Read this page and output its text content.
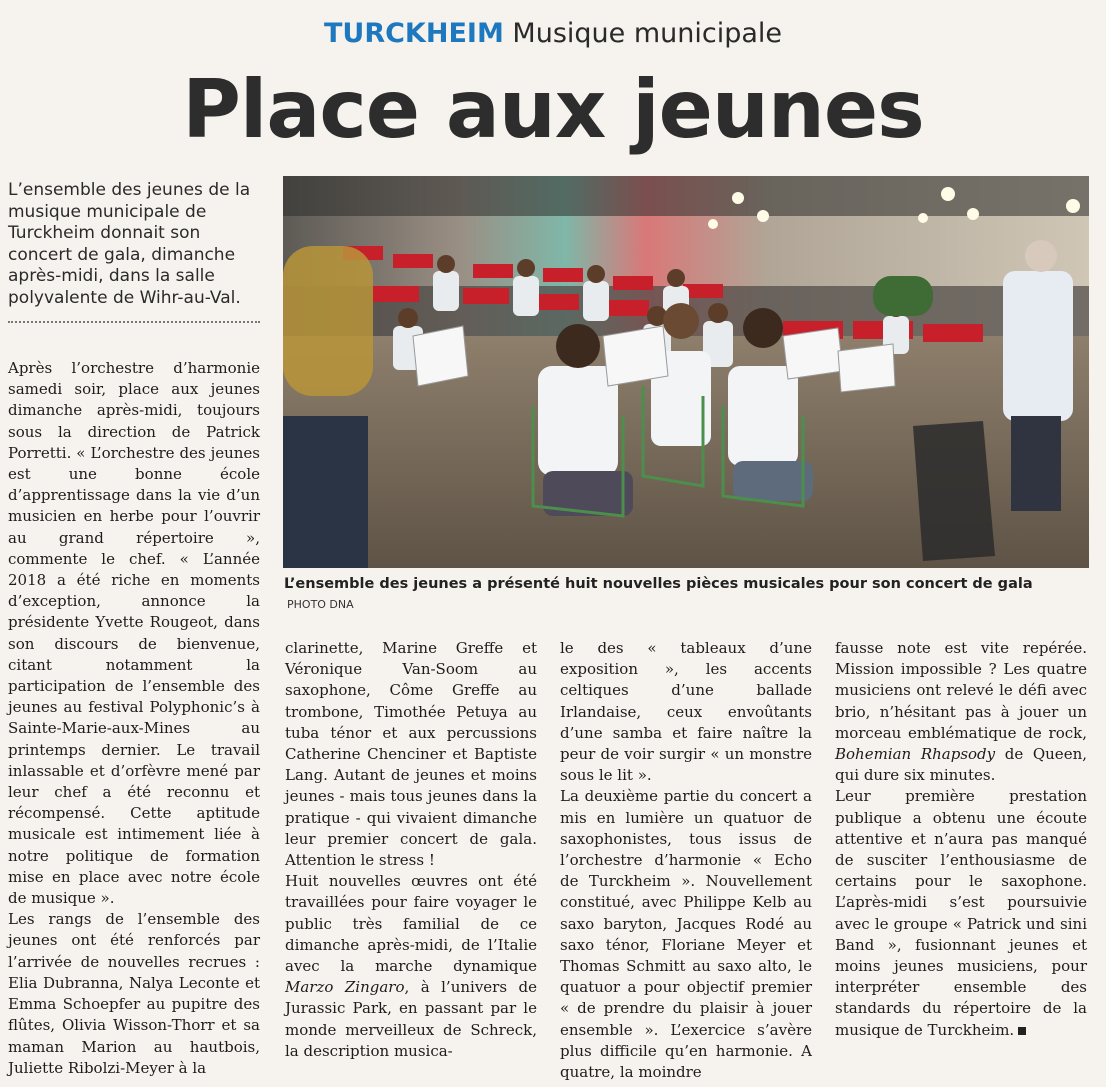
TURCKHEIM Musique municipale
Place aux jeunes
L’ensemble des jeunes de la musique municipale de Turckheim donnait son concert de gala, dimanche après-midi, dans la salle polyvalente de Wihr-au-Val.
L’ensemble des jeunes a présenté huit nouvelles pièces musicales pour son concert de gala
PHOTO DNA

Après l’orchestre d’harmonie samedi soir, place aux jeunes dimanche après-midi, toujours sous la direction de Patrick Porretti. « L’orchestre des jeunes est une bonne école d’apprentissage dans la vie d’un musicien en herbe pour l’ouvrir au grand répertoire », commente le chef. « L’année 2018 a été riche en moments d’exception, annonce la présidente Yvette Rougeot, dans son discours de bienvenue, citant notamment la participation de l’ensemble des jeunes au festival Polyphonic’s à Sainte-Marie-aux-Mines au printemps dernier. Le travail inlassable et d’orfèvre mené par leur chef a été reconnu et récompensé. Cette aptitude musicale est intimement liée à notre politique de formation mise en place avec notre école de musique ».

Les rangs de l’ensemble des jeunes ont été renforcés par l’arrivée de nouvelles recrues : Elia Dubranna, Nalya Leconte et Emma Schoepfer au pupitre des flûtes, Olivia Wisson-Thorr et sa maman Marion au hautbois, Juliette Ribolzi-Meyer à la

clarinette, Marine Greffe et Véronique Van-Soom au saxophone, Côme Greffe au trombone, Timothée Petuya au tuba ténor et aux percussions Catherine Chenciner et Baptiste Lang. Autant de jeunes et moins jeunes - mais tous jeunes dans la pratique - qui vivaient dimanche leur premier concert de gala. Attention le stress !

Huit nouvelles œuvres ont été travaillées pour faire voyager le public très familial de ce dimanche après-midi, de l’Italie avec la marche dynamique Marzo Zingaro, à l’univers de Jurassic Park, en passant par le monde merveilleux de Schreck, la description musica-

le des « tableaux d’une exposition », les accents celtiques d’une ballade Irlandaise, ceux envoûtants d’une samba et faire naître la peur de voir surgir « un monstre sous le lit ».

La deuxième partie du concert a mis en lumière un quatuor de saxophonistes, tous issus de l’orchestre d’harmonie « Echo de Turckheim ». Nouvellement constitué, avec Philippe Kelb au saxo baryton, Jacques Rodé au saxo ténor, Floriane Meyer et Thomas Schmitt au saxo alto, le quatuor a pour objectif premier « de prendre du plaisir à jouer ensemble ». L’exercice s’avère plus difficile qu’en harmonie. A quatre, la moindre

fausse note est vite repérée. Mission impossible ? Les quatre musiciens ont relevé le défi avec brio, n’hésitant pas à jouer un morceau emblématique de rock, Bohemian Rhapsody de Queen, qui dure six minutes.

Leur première prestation publique a obtenu une écoute attentive et n’aura pas manqué de susciter l’enthousiasme de certains pour le saxophone. L’après-midi s’est poursuivie avec le groupe « Patrick und sini Band », fusionnant jeunes et moins jeunes musiciens, pour interpréter ensemble des standards du répertoire de la musique de Turckheim.
